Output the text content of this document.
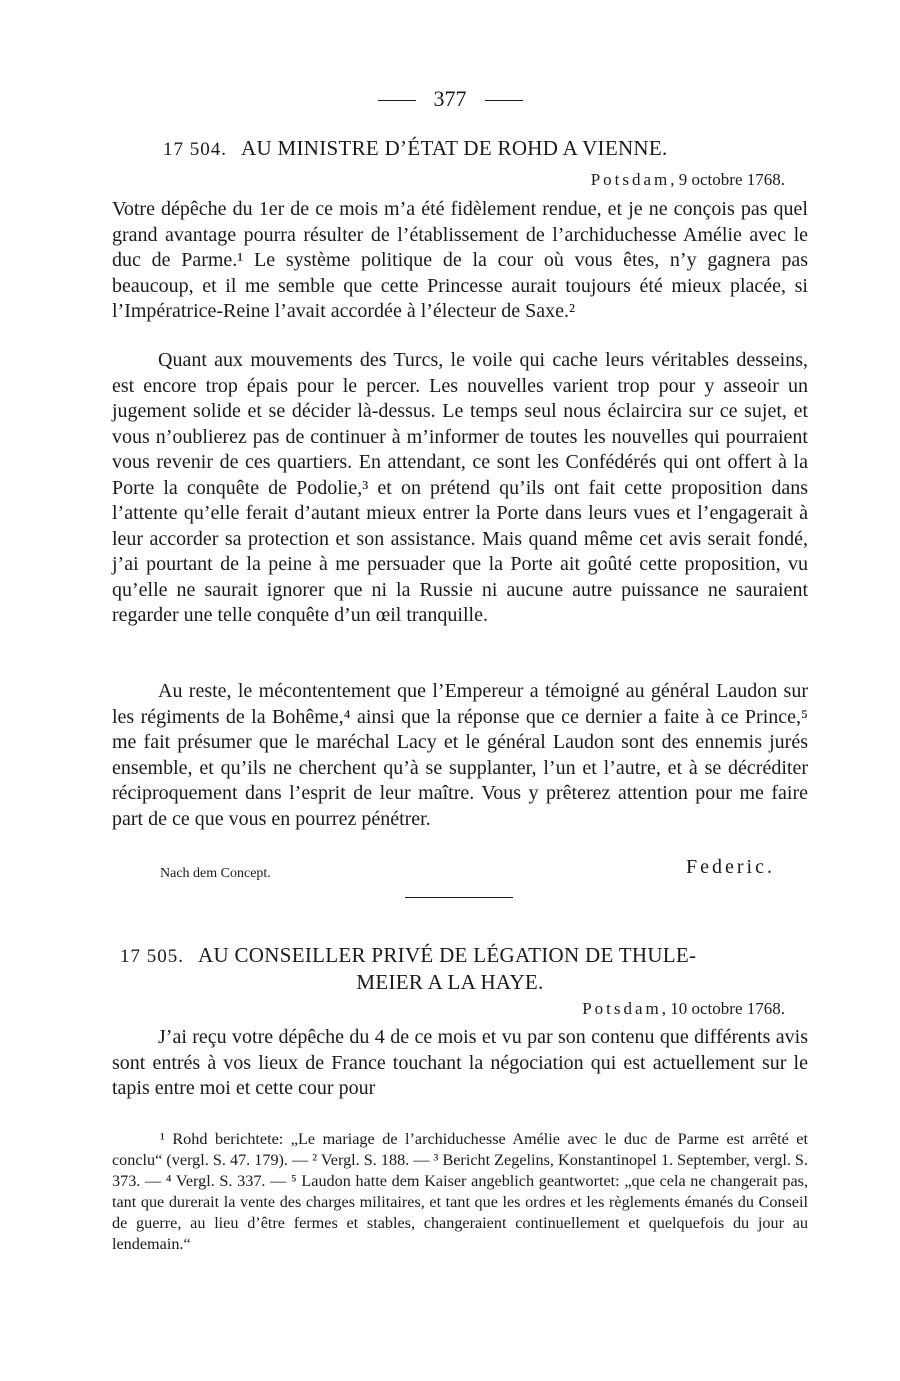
377
17 504. AU MINISTRE D’ÉTAT DE ROHD A VIENNE.
Potsdam, 9 octobre 1768.
Votre dépêche du 1er de ce mois m’a été fidèlement rendue, et je ne conçois pas quel grand avantage pourra résulter de l’établissement de l’archiduchesse Amélie avec le duc de Parme.¹ Le système politique de la cour où vous êtes, n’y gagnera pas beaucoup, et il me semble que cette Princesse aurait toujours été mieux placée, si l’Impératrice-Reine l’avait accordée à l’électeur de Saxe.²
Quant aux mouvements des Turcs, le voile qui cache leurs véritables desseins, est encore trop épais pour le percer. Les nouvelles varient trop pour y asseoir un jugement solide et se décider là-dessus. Le temps seul nous éclaircira sur ce sujet, et vous n’oublierez pas de continuer à m’informer de toutes les nouvelles qui pourraient vous revenir de ces quartiers. En attendant, ce sont les Confédérés qui ont offert à la Porte la conquête de Podolie,³ et on prétend qu’ils ont fait cette proposition dans l’attente qu’elle ferait d’autant mieux entrer la Porte dans leurs vues et l’engagerait à leur accorder sa protection et son assistance. Mais quand même cet avis serait fondé, j’ai pourtant de la peine à me persuader que la Porte ait goûté cette proposition, vu qu’elle ne saurait ignorer que ni la Russie ni aucune autre puissance ne sauraient regarder une telle conquête d’un œil tranquille.
Au reste, le mécontentement que l’Empereur a témoigné au général Laudon sur les régiments de la Bohême,⁴ ainsi que la réponse que ce dernier a faite à ce Prince,⁵ me fait présumer que le maréchal Lacy et le général Laudon sont des ennemis jurés ensemble, et qu’ils ne cherchent qu’à se supplanter, l’un et l’autre, et à se décréditer réciproquement dans l’esprit de leur maître. Vous y prêterez attention pour me faire part de ce que vous en pourrez pénétrer.
Nach dem Concept.	Federic.
17 505. AU CONSEILLER PRIVÉ DE LÉGATION DE THULE-
MEIER A LA HAYE.
Potsdam, 10 octobre 1768.
J’ai reçu votre dépêche du 4 de ce mois et vu par son contenu que différents avis sont entrés à vos lieux de France touchant la négociation qui est actuellement sur le tapis entre moi et cette cour pour
¹ Rohd berichtete: „Le mariage de l’archiduchesse Amélie avec le duc de Parme est arrêté et conclu“ (vergl. S. 47. 179). — ² Vergl. S. 188. — ³ Bericht Zegelins, Konstantinopel 1. September, vergl. S. 373. — ⁴ Vergl. S. 337. — ⁵ Laudon hatte dem Kaiser angeblich geantwortet: „que cela ne changerait pas, tant que durerait la vente des charges militaires, et tant que les ordres et les règlements émanés du Conseil de guerre, au lieu d’être fermes et stables, changeraient continuellement et quelquefois du jour au lendemain.“
